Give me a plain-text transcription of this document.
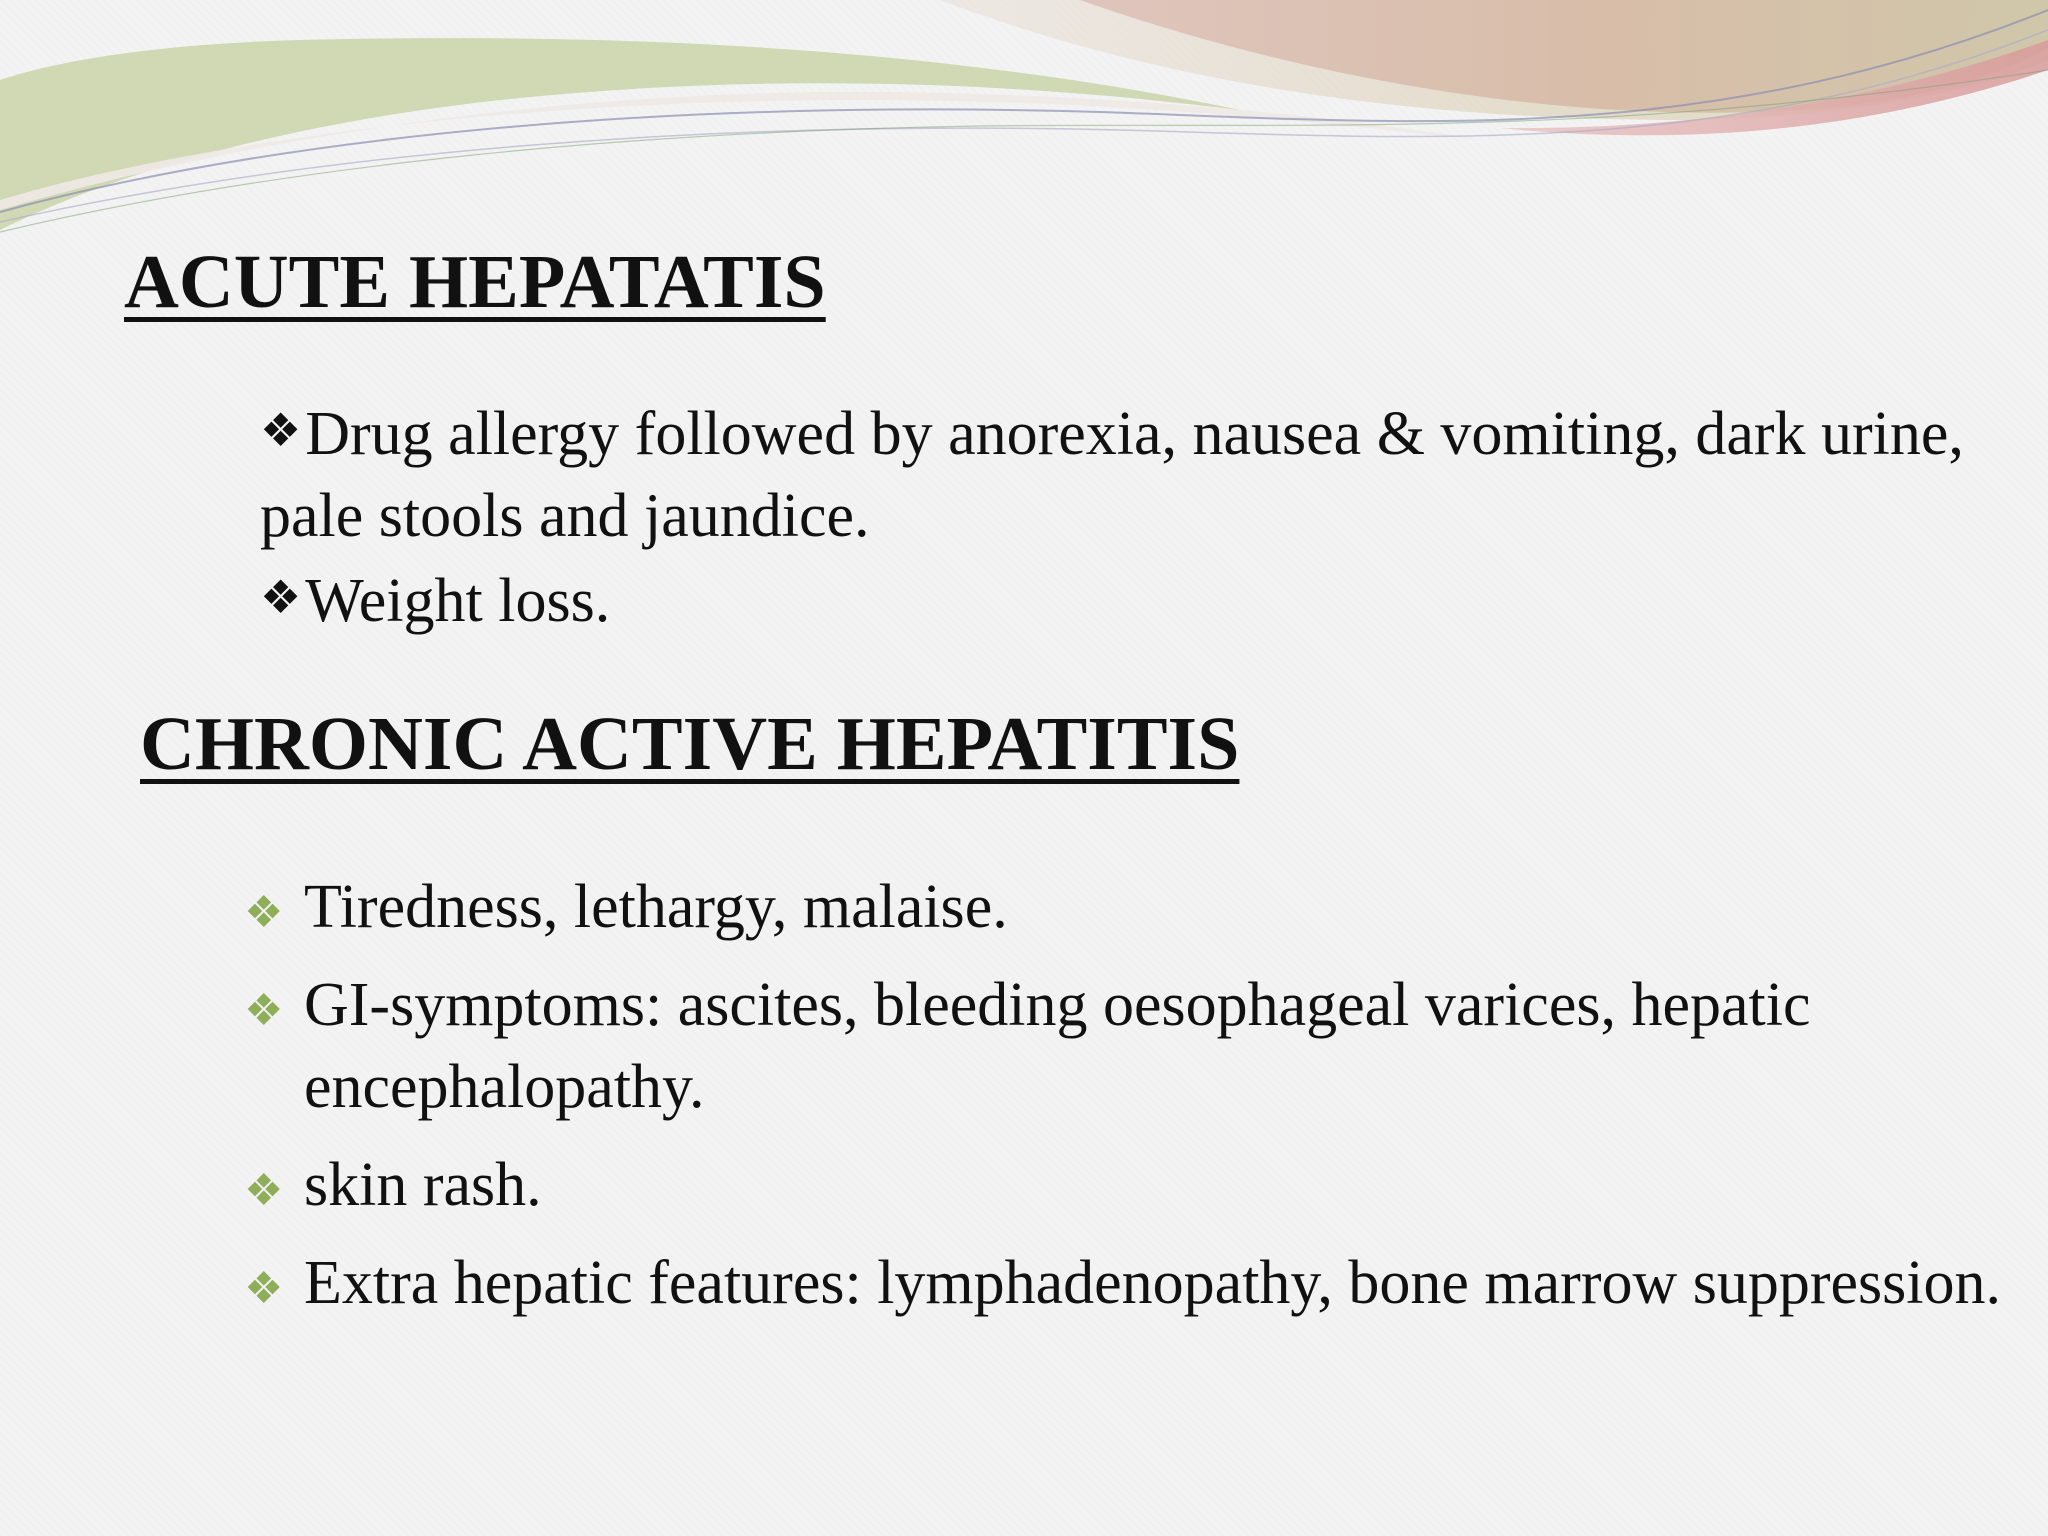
ACUTE HEPATATIS

❖Drug allergy followed by anorexia, nausea & vomiting, dark urine, pale stools and jaundice.

❖Weight loss.

CHRONIC ACTIVE HEPATITIS
❖ Tiredness, lethargy, malaise.
❖ GI-symptoms: ascites, bleeding oesophageal varices, hepatic encephalopathy.
❖ skin rash.
❖ Extra hepatic features: lymphadenopathy, bone marrow suppression.
